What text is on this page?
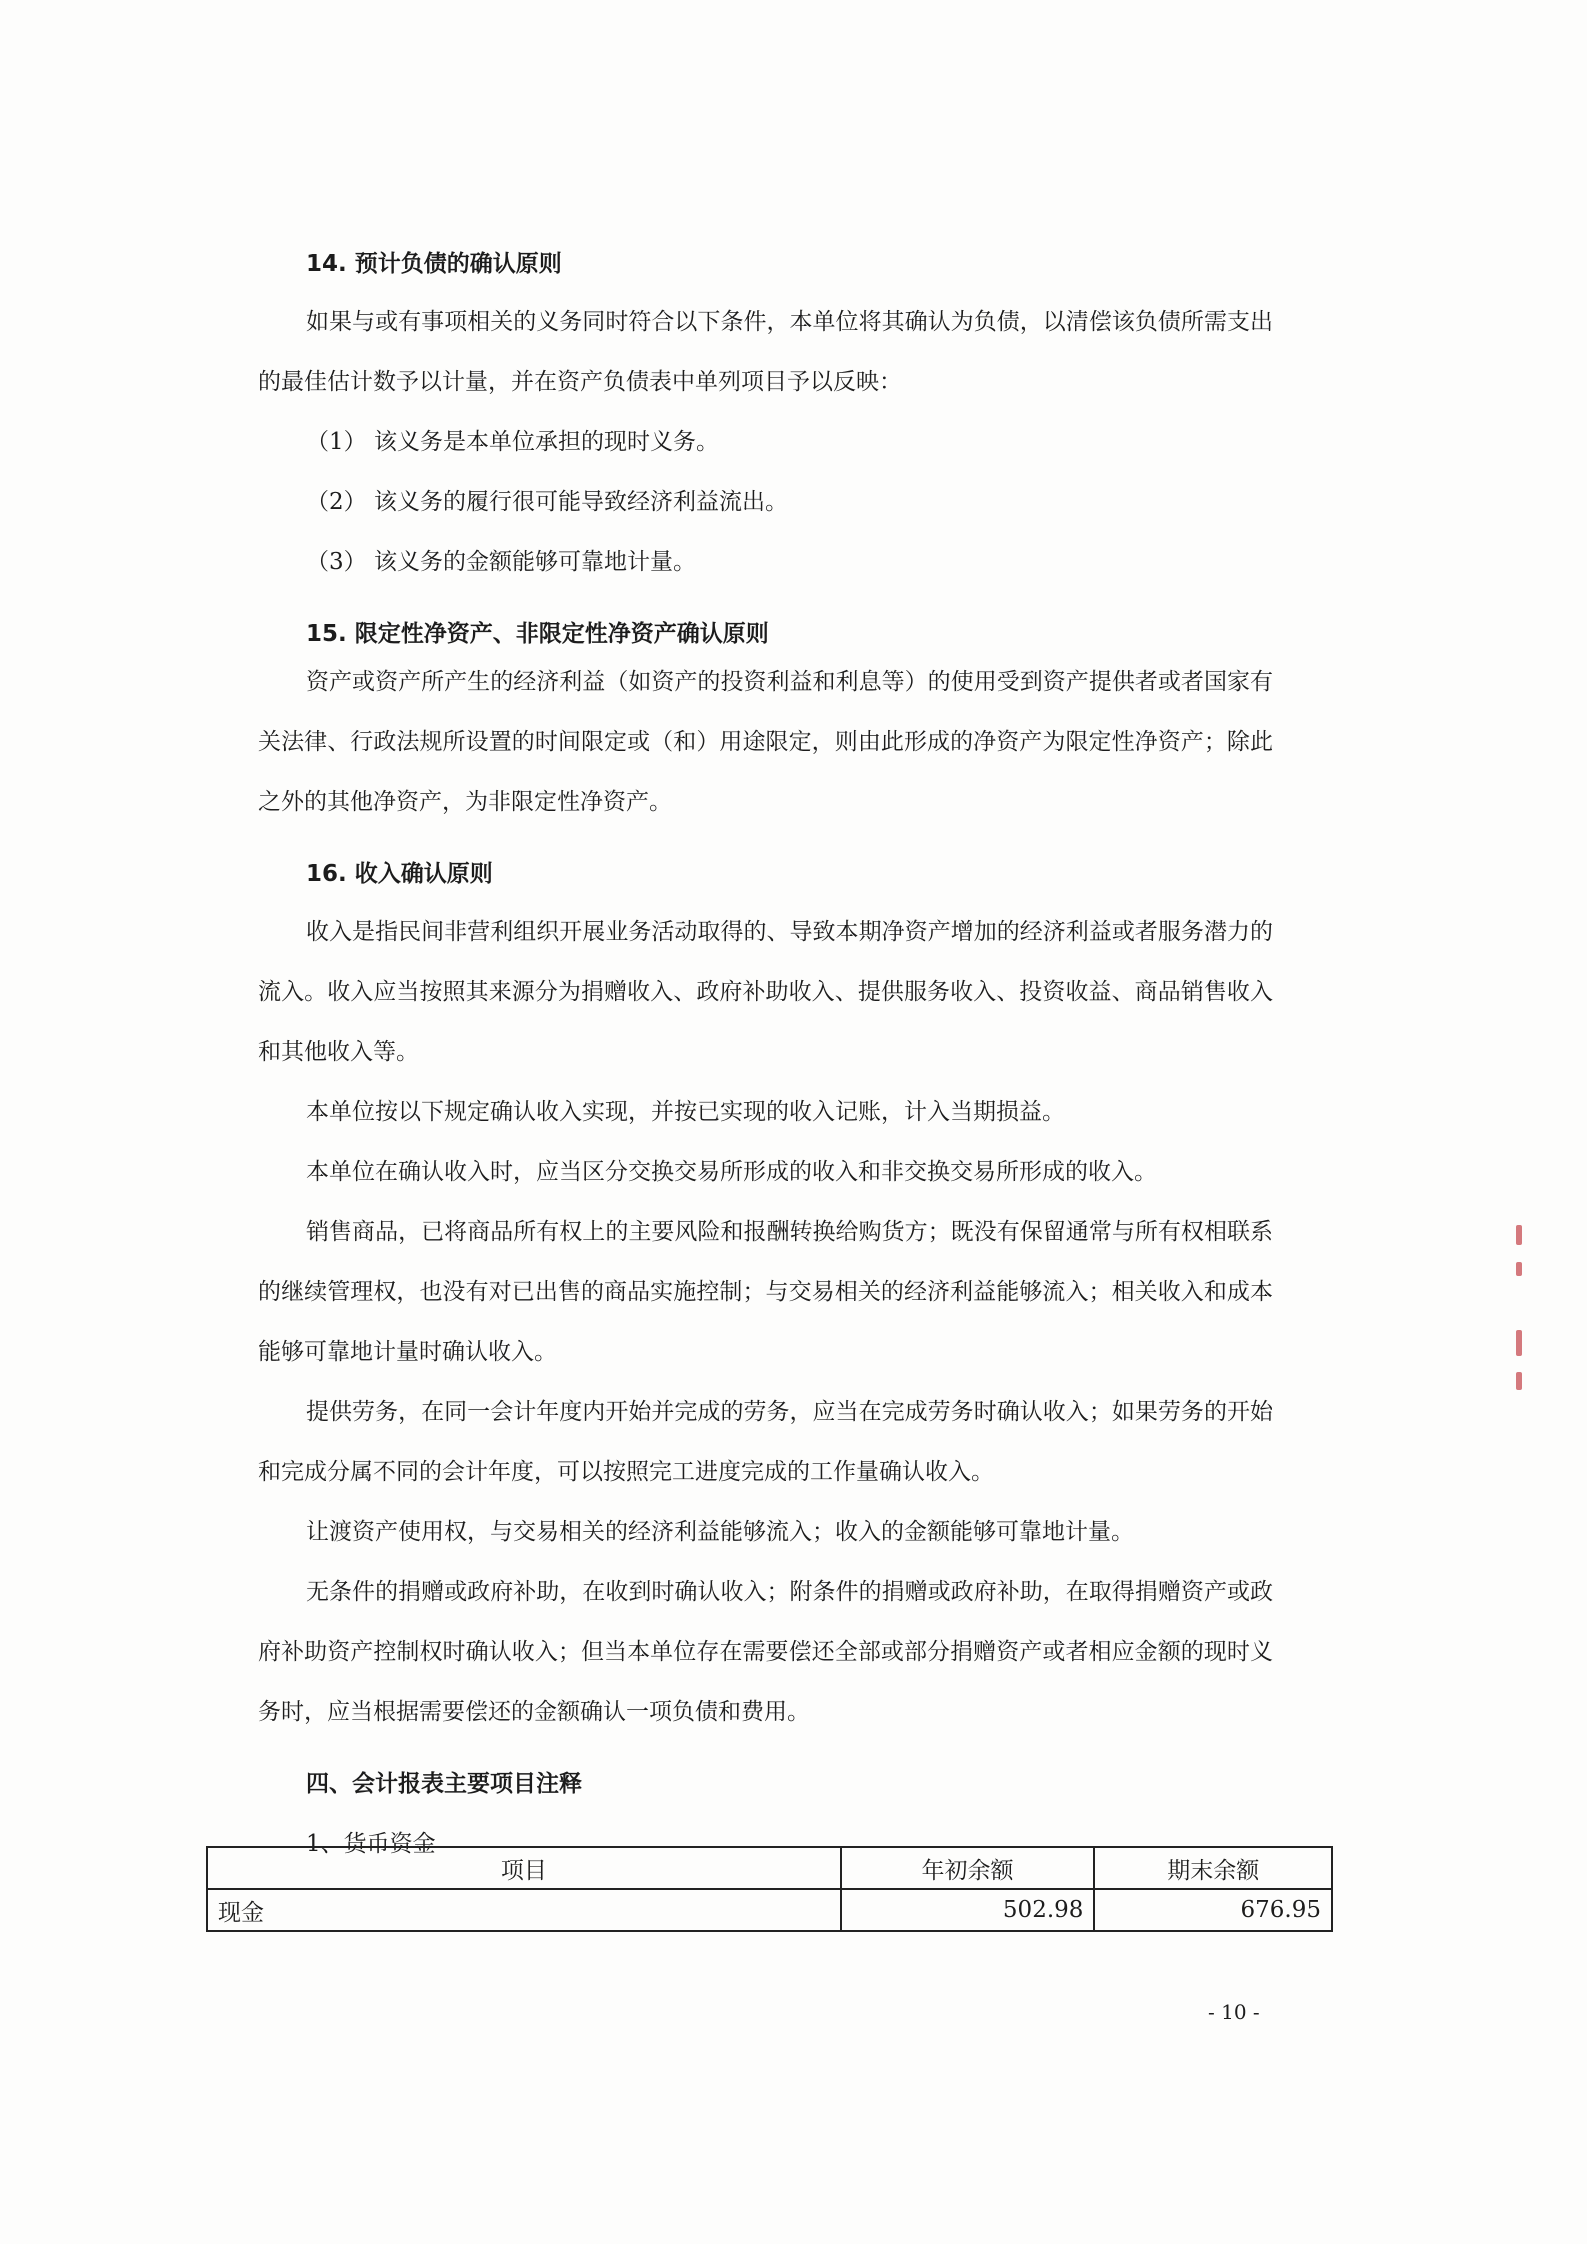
14. 预计负债的确认原则

如果与或有事项相关的义务同时符合以下条件，本单位将其确认为负债，以清偿该负债所需支出的最佳估计数予以计量，并在资产负债表中单列项目予以反映：

（1） 该义务是本单位承担的现时义务。

（2） 该义务的履行很可能导致经济利益流出。

（3） 该义务的金额能够可靠地计量。

15. 限定性净资产、非限定性净资产确认原则

资产或资产所产生的经济利益（如资产的投资利益和利息等）的使用受到资产提供者或者国家有关法律、行政法规所设置的时间限定或（和）用途限定，则由此形成的净资产为限定性净资产；除此之外的其他净资产，为非限定性净资产。

16. 收入确认原则

收入是指民间非营利组织开展业务活动取得的、导致本期净资产增加的经济利益或者服务潜力的流入。收入应当按照其来源分为捐赠收入、政府补助收入、提供服务收入、投资收益、商品销售收入和其他收入等。

本单位按以下规定确认收入实现，并按已实现的收入记账，计入当期损益。

本单位在确认收入时，应当区分交换交易所形成的收入和非交换交易所形成的收入。

销售商品，已将商品所有权上的主要风险和报酬转换给购货方；既没有保留通常与所有权相联系的继续管理权，也没有对已出售的商品实施控制；与交易相关的经济利益能够流入；相关收入和成本能够可靠地计量时确认收入。

提供劳务，在同一会计年度内开始并完成的劳务，应当在完成劳务时确认收入；如果劳务的开始和完成分属不同的会计年度，可以按照完工进度完成的工作量确认收入。

让渡资产使用权，与交易相关的经济利益能够流入；收入的金额能够可靠地计量。

无条件的捐赠或政府补助，在收到时确认收入；附条件的捐赠或政府补助，在取得捐赠资产或政府补助资产控制权时确认收入；但当本单位存在需要偿还全部或部分捐赠资产或者相应金额的现时义务时，应当根据需要偿还的金额确认一项负债和费用。

四、会计报表主要项目注释
1、货币资金
项目	年初余额	期末余额
现金	502.98	676.95
- 10 -
